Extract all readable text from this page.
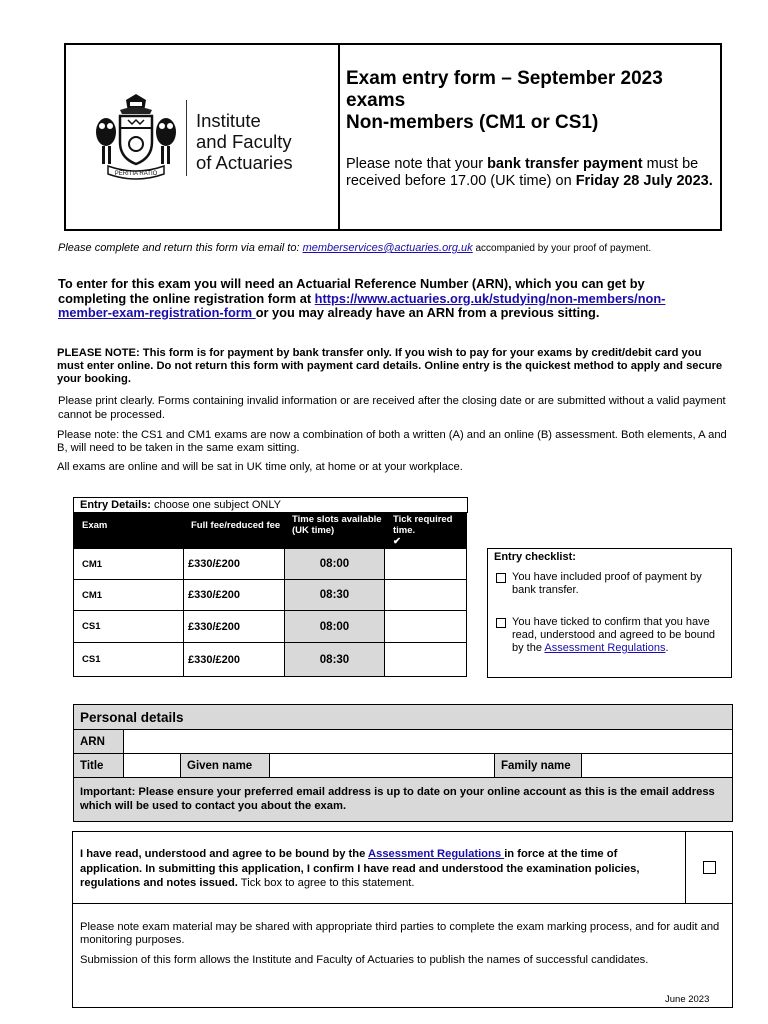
PERITIA RATIO
Institute
and Faculty
of Actuaries
Exam entry form – September 2023
exams
Non-members (CM1 or CS1)
Please note that your bank transfer payment must be received before 17.00 (UK time) on Friday 28 July 2023.
Please complete and return this form via email to: memberservices@actuaries.org.uk accompanied by your proof of payment.
To enter for this exam you will need an Actuarial Reference Number (ARN), which you can get by completing the online registration form at https://www.actuaries.org.uk/studying/non-members/non-member-exam-registration-form or you may already have an ARN from a previous sitting.
PLEASE NOTE: This form is for payment by bank transfer only. If you wish to pay for your exams by credit/debit card you must enter online. Do not return this form with payment card details. Online entry is the quickest method to apply and secure your booking.
Please print clearly. Forms containing invalid information or are received after the closing date or are submitted without a valid payment cannot be processed.
Please note: the CS1 and CM1 exams are now a combination of both a written (A) and an online (B) assessment. Both elements, A and B, will need to be taken in the same exam sitting.
All exams are online and will be sat in UK time only, at home or at your workplace.
Entry Details: choose one subject ONLY
Exam	Full fee/reduced fee	Time slots available (UK time)	Tick required time.
✔
CM1	£330/£200	08:00	
CM1	£330/£200	08:30	
CS1	£330/£200	08:00	
CS1	£330/£200	08:30	
Entry checklist:
You have included proof of payment by bank transfer.
You have ticked to confirm that you have read, understood and agreed to be bound by the Assessment Regulations.
Personal details
ARN
Title	Given name	Family name
Important: Please ensure your preferred email address is up to date on your online account as this is the email address which will be used to contact you about the exam.
I have read, understood and agree to be bound by the Assessment Regulations in force at the time of application. In submitting this application, I confirm I have read and understood the examination policies, regulations and notes issued. Tick box to agree to this statement.
Please note exam material may be shared with appropriate third parties to complete the exam marking process, and for audit and monitoring purposes.
Submission of this form allows the Institute and Faculty of Actuaries to publish the names of successful candidates.
June 2023
